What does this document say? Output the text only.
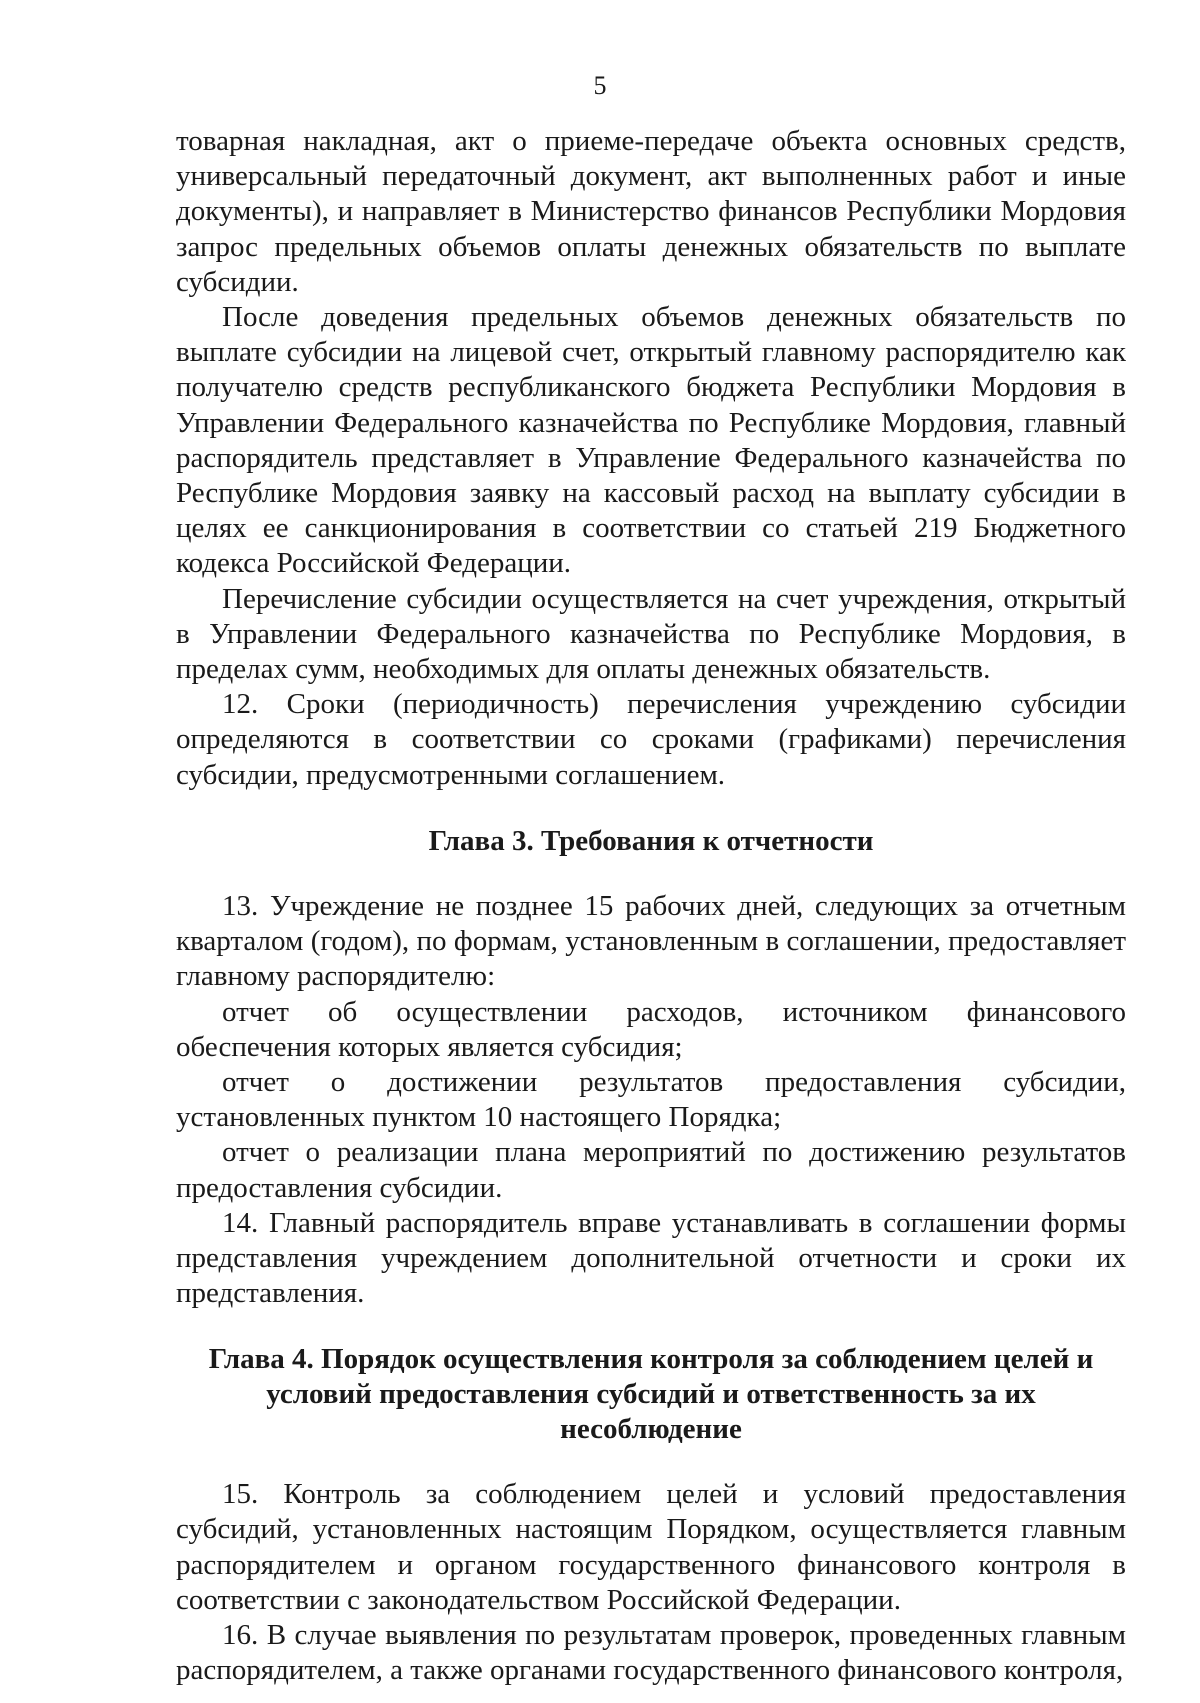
5

товарная накладная, акт о приеме-передаче объекта основных средств, универсальный передаточный документ, акт выполненных работ и иные документы), и направляет в Министерство финансов Республики Мордовия запрос предельных объемов оплаты денежных обязательств по выплате субсидии.

После доведения предельных объемов денежных обязательств по выплате субсидии на лицевой счет, открытый главному распорядителю как получателю средств республиканского бюджета Республики Мордовия в Управлении Федерального казначейства по Республике Мордовия, главный распорядитель представляет в Управление Федерального казначейства по Республике Мордовия заявку на кассовый расход на выплату субсидии в целях ее санкционирования в соответствии со статьей 219 Бюджетного кодекса Российской Федерации.

Перечисление субсидии осуществляется на счет учреждения, открытый в Управлении Федерального казначейства по Республике Мордовия, в пределах сумм, необходимых для оплаты денежных обязательств.

12. Сроки (периодичность) перечисления учреждению субсидии определяются в соответствии со сроками (графиками) перечисления субсидии, предусмотренными соглашением.

Глава 3. Требования к отчетности

13. Учреждение не позднее 15 рабочих дней, следующих за отчетным кварталом (годом), по формам, установленным в соглашении, предоставляет главному распорядителю:

отчет об осуществлении расходов, источником финансового обеспечения которых является субсидия;

отчет о достижении результатов предоставления субсидии, установленных пунктом 10 настоящего Порядка;

отчет о реализации плана мероприятий по достижению результатов предоставления субсидии.

14. Главный распорядитель вправе устанавливать в соглашении формы представления учреждением дополнительной отчетности и сроки их представления.

Глава 4. Порядок осуществления контроля за соблюдением целей и

условий предоставления субсидий и ответственность за их несоблюдение

15. Контроль за соблюдением целей и условий предоставления субсидий, установленных настоящим Порядком, осуществляется главным распорядителем и органом государственного финансового контроля в соответствии с законодательством Российской Федерации.

16. В случае выявления по результатам проверок, проведенных главным распорядителем, а также органами государственного финансового контроля,
